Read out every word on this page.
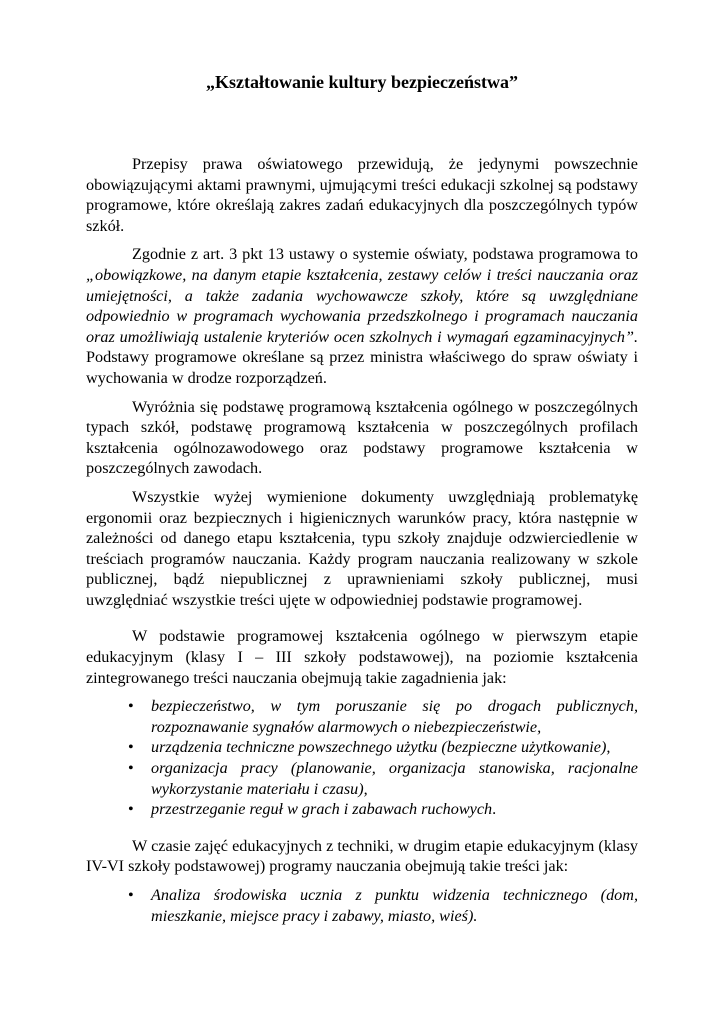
„Kształtowanie kultury bezpieczeństwa”

Przepisy prawa oświatowego przewidują, że jedynymi powszechnie obowiązującymi aktami prawnymi, ujmującymi treści edukacji szkolnej są podstawy programowe, które określają zakres zadań edukacyjnych dla poszczególnych typów szkół.

Zgodnie z art. 3 pkt 13 ustawy o systemie oświaty, podstawa programowa to „obowiązkowe, na danym etapie kształcenia, zestawy celów i treści nauczania oraz umiejętności, a także zadania wychowawcze szkoły, które są uwzględniane odpowiednio w programach wychowania przedszkolnego i programach nauczania oraz umożliwiają ustalenie kryteriów ocen szkolnych i wymagań egzaminacyjnych”. Podstawy programowe określane są przez ministra właściwego do spraw oświaty i wychowania w drodze rozporządzeń.

Wyróżnia się podstawę programową kształcenia ogólnego w poszczególnych typach szkół, podstawę programową kształcenia w poszczególnych profilach kształcenia ogólnozawodowego oraz podstawy programowe kształcenia w poszczególnych zawodach.

Wszystkie wyżej wymienione dokumenty uwzględniają problematykę ergonomii oraz bezpiecznych i higienicznych warunków pracy, która następnie w zależności od danego etapu kształcenia, typu szkoły znajduje odzwierciedlenie w treściach programów nauczania. Każdy program nauczania realizowany w szkole publicznej, bądź niepublicznej z uprawnieniami szkoły publicznej, musi uwzględniać wszystkie treści ujęte w odpowiedniej podstawie programowej.

W podstawie programowej kształcenia ogólnego w pierwszym etapie edukacyjnym (klasy I – III szkoły podstawowej), na poziomie kształcenia zintegrowanego treści nauczania obejmują takie zagadnienia jak:

• bezpieczeństwo, w tym poruszanie się po drogach publicznych, rozpoznawanie sygnałów alarmowych o niebezpieczeństwie,
• urządzenia techniczne powszechnego użytku (bezpieczne użytkowanie),
• organizacja pracy (planowanie, organizacja stanowiska, racjonalne wykorzystanie materiału i czasu),
• przestrzeganie reguł w grach i zabawach ruchowych.

W czasie zajęć edukacyjnych z techniki, w drugim etapie edukacyjnym (klasy IV-VI szkoły podstawowej) programy nauczania obejmują takie treści jak:

• Analiza środowiska ucznia z punktu widzenia technicznego (dom, mieszkanie, miejsce pracy i zabawy, miasto, wieś).
